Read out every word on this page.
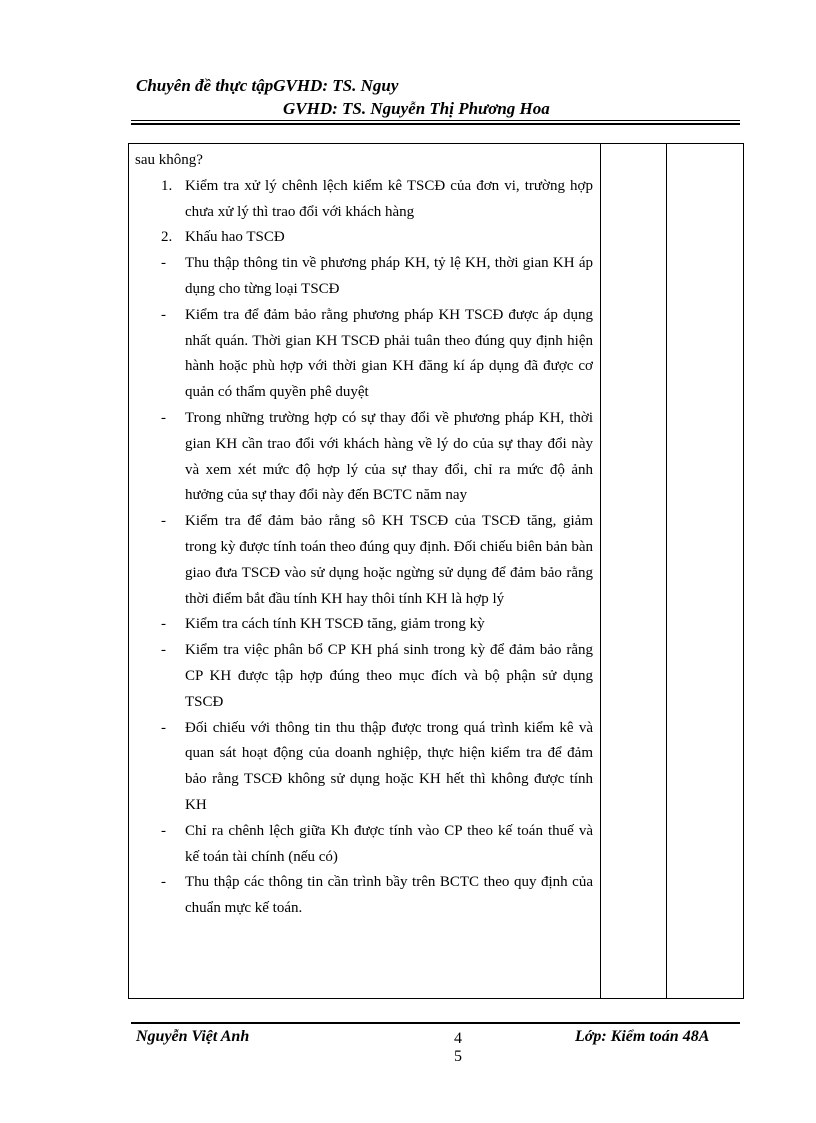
Chuyên đề thực tậpGVHD: TS. Nguy
GVHD: TS. Nguyễn Thị Phương Hoa

sau không?

1. Kiểm tra xử lý chênh lệch kiểm kê TSCĐ của đơn vi, trường hợp chưa xử lý thì trao đổi với khách hàng

2. Khấu hao TSCĐ

- Thu thập thông tin về phương pháp KH, tỷ lệ KH, thời gian KH áp dụng cho từng loại TSCĐ

- Kiểm tra để đảm bảo rằng phương pháp KH TSCĐ được áp dụng nhất quán. Thời gian KH TSCĐ phải tuân theo đúng quy định hiện hành hoặc phù hợp với thời gian KH đăng kí áp dụng đã được cơ quản có thẩm quyền phê duyệt

- Trong những trường hợp có sự thay đổi về phương pháp KH, thời gian KH cần trao đổi với khách hàng về lý do của sự thay đổi này và xem xét mức độ hợp lý của sự thay đổi, chỉ ra mức độ ảnh hưởng của sự thay đổi này đến BCTC năm nay

- Kiểm tra để đảm bảo rằng sô KH TSCĐ của TSCĐ tăng, giảm trong kỳ được tính toán theo đúng quy định. Đối chiếu biên bản bàn giao đưa TSCĐ vào sử dụng hoặc ngừng sử dụng để đảm bảo rằng thời điểm bắt đầu tính KH hay thôi tính KH là hợp lý

- Kiểm tra cách tính KH TSCĐ tăng, giảm trong kỳ

- Kiểm tra việc phân bổ CP KH phá sinh trong kỳ để đảm bảo rằng CP KH được tập hợp đúng theo mục đích và bộ phận sử dụng TSCĐ

- Đối chiếu với thông tin thu thập được trong quá trình kiểm kê và quan sát hoạt động của doanh nghiệp, thực hiện kiểm tra để đảm bảo rằng TSCĐ không sử dụng hoặc KH hết thì không được tính KH

- Chỉ ra chênh lệch giữa Kh được tính vào CP theo kế toán thuế và kế toán tài chính (nếu có)

- Thu thập các thông tin cần trình bầy trên BCTC theo quy định của chuẩn mực kế toán.

Nguyễn Việt Anh	4
5
Lớp: Kiểm toán 48A
